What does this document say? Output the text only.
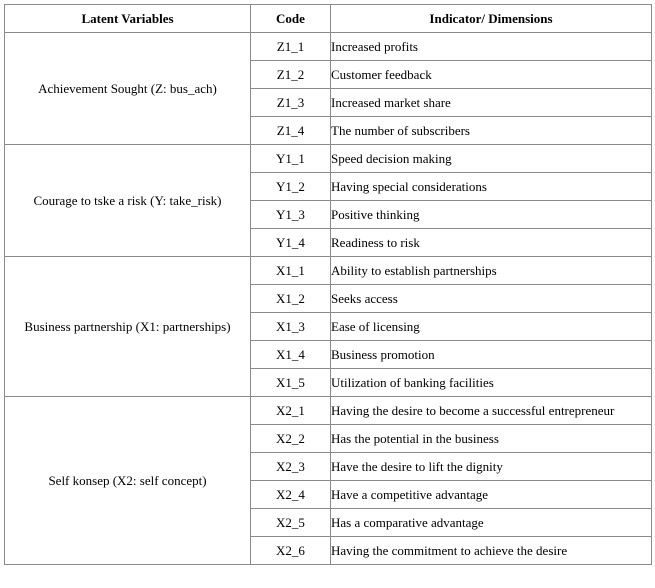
Latent Variables	Code	Indicator/ Dimensions
Achievement Sought (Z: bus_ach)	Z1_1	Increased profits
	Z1_2	Customer feedback
	Z1_3	Increased market share
	Z1_4	The number of subscribers
Courage to tske a risk (Y: take_risk)	Y1_1	Speed decision making
	Y1_2	Having special considerations
	Y1_3	Positive thinking
	Y1_4	Readiness to risk
Business partnership (X1: partnerships)	X1_1	Ability to establish partnerships
	X1_2	Seeks access
	X1_3	Ease of licensing
	X1_4	Business promotion
	X1_5	Utilization of banking facilities
Self konsep (X2: self concept)	X2_1	Having the desire to become a successful entrepreneur
	X2_2	Has the potential in the business
	X2_3	Have the desire to lift the dignity
	X2_4	Have a competitive advantage
	X2_5	Has a comparative advantage
	X2_6	Having the commitment to achieve the desire
